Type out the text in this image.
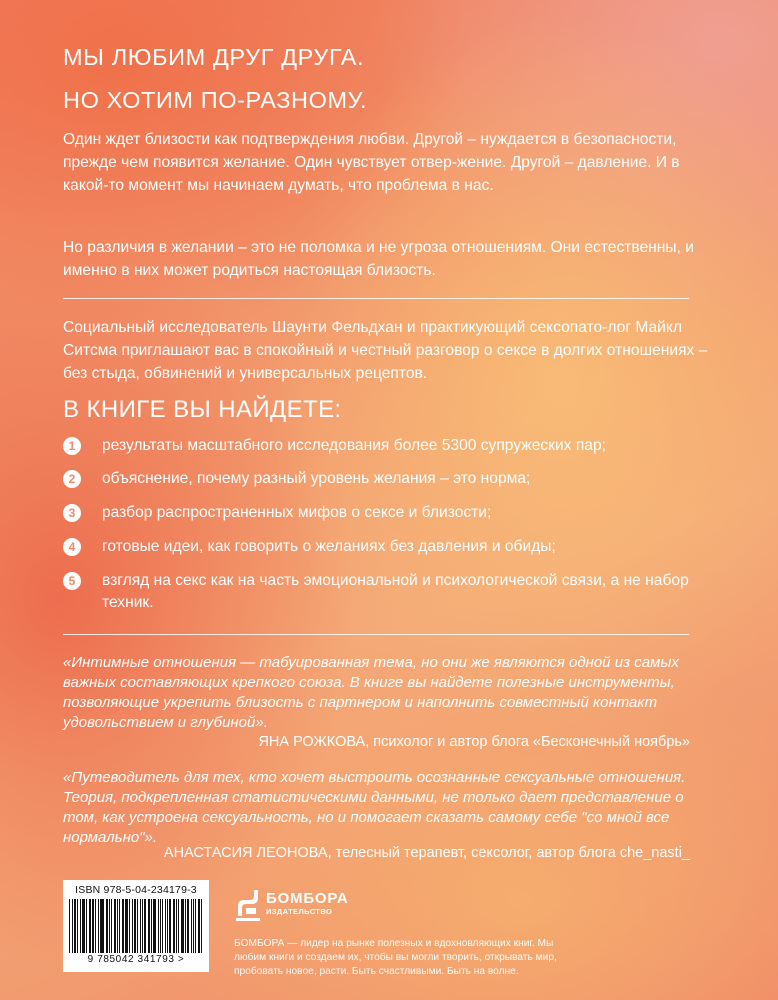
МЫ ЛЮБИМ ДРУГ ДРУГА.
НО ХОТИМ ПО-РАЗНОМУ.
Один ждет близости как подтверждения любви. Другой – нуждается в безопасности, прежде чем появится желание. Один чувствует отвер-жение. Другой – давление. И в какой-то момент мы начинаем думать, что проблема в нас.
Но различия в желании – это не поломка и не угроза отношениям. Они естественны, и именно в них может родиться настоящая близость.
Социальный исследователь Шаунти Фельдхан и практикующий сексопато-лог Майкл Ситсма приглашают вас в спокойный и честный разговор о сексе в долгих отношениях – без стыда, обвинений и универсальных рецептов.
В КНИГЕ ВЫ НАЙДЕТЕ:
1	результаты масштабного исследования более 5300 супружеских пар;
2	объяснение, почему разный уровень желания – это норма;
3	разбор распространенных мифов о сексе и близости;
4	готовые идеи, как говорить о желаниях без давления и обиды;
5	взгляд на секс как на часть эмоциональной и психологической связи, а не набор техник.
«Интимные отношения — табуированная тема, но они же являются одной из самых важных составляющих крепкого союза. В книге вы найдете полезные инструменты, позволяющие укрепить близость с партнером и наполнить совместный контакт удовольствием и глубиной».
ЯНА РОЖКОВА, психолог и автор блога «Бесконечный ноябрь»
«Путеводитель для тех, кто хочет выстроить осознанные сексуальные отношения. Теория, подкрепленная статистическими данными, не только дает представление о том, как устроена сексуальность, но и помогает сказать самому себе "со мной все нормально"».
АНАСТАСИЯ ЛЕОНОВА, телесный терапевт, сексолог, автор блога che_nasti_
ISBN 978-5-04-234179-3
9 785042 341793 >
БОМБОРА
ИЗДАТЕЛЬСТВО
БОМБОРА — лидер на рынке полезных и вдохновляющих книг. Мы любим книги и создаем их, чтобы вы могли творить, открывать мир, пробовать новое, расти. Быть счастливыми. Быть на волне.
